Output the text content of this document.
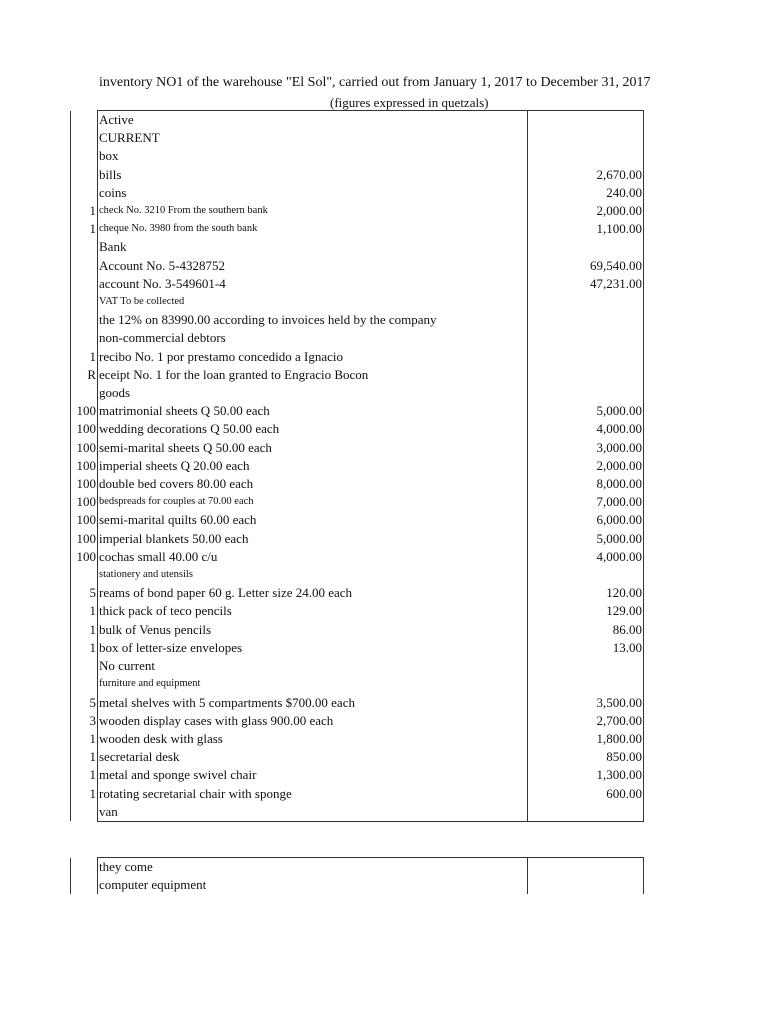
inventory NO1 of the warehouse "El Sol", carried out from January 1, 2017 to December 31, 2017
(figures expressed in quetzals)
	Active	
	CURRENT	
	box	
	bills	2,670.00
	coins	240.00
1	check No. 3210 From the southern bank	2,000.00
1	cheque No. 3980 from the south bank	1,100.00
	Bank	
	Account No. 5-4328752	69,540.00
	account No. 3-549601-4	47,231.00
	VAT To be collected	
	the 12% on 83990.00 according to invoices held by the company	
	non-commercial debtors	
1	recibo No. 1 por prestamo concedido a Ignacio	
R	eceipt No. 1 for the loan granted to Engracio Bocon	
	goods	
100	matrimonial sheets Q 50.00 each	5,000.00
100	wedding decorations Q 50.00 each	4,000.00
100	semi-marital sheets Q 50.00 each	3,000.00
100	imperial sheets Q 20.00 each	2,000.00
100	double bed covers 80.00 each	8,000.00
100	bedspreads for couples at 70.00 each	7,000.00
100	semi-marital quilts 60.00 each	6,000.00
100	imperial blankets 50.00 each	5,000.00
100	cochas small 40.00 c/u	4,000.00
	stationery and utensils	
5	reams of bond paper 60 g. Letter size 24.00 each	120.00
1	thick pack of teco pencils	129.00
1	bulk of Venus pencils	86.00
1	box of letter-size envelopes	13.00
	No current	
	furniture and equipment	
5	metal shelves with 5 compartments $700.00 each	3,500.00
3	wooden display cases with glass 900.00 each	2,700.00
1	wooden desk with glass	1,800.00
1	secretarial desk	850.00
1	metal and sponge swivel chair	1,300.00
1	rotating secretarial chair with sponge	600.00
	van	
	they come	
	computer equipment	
